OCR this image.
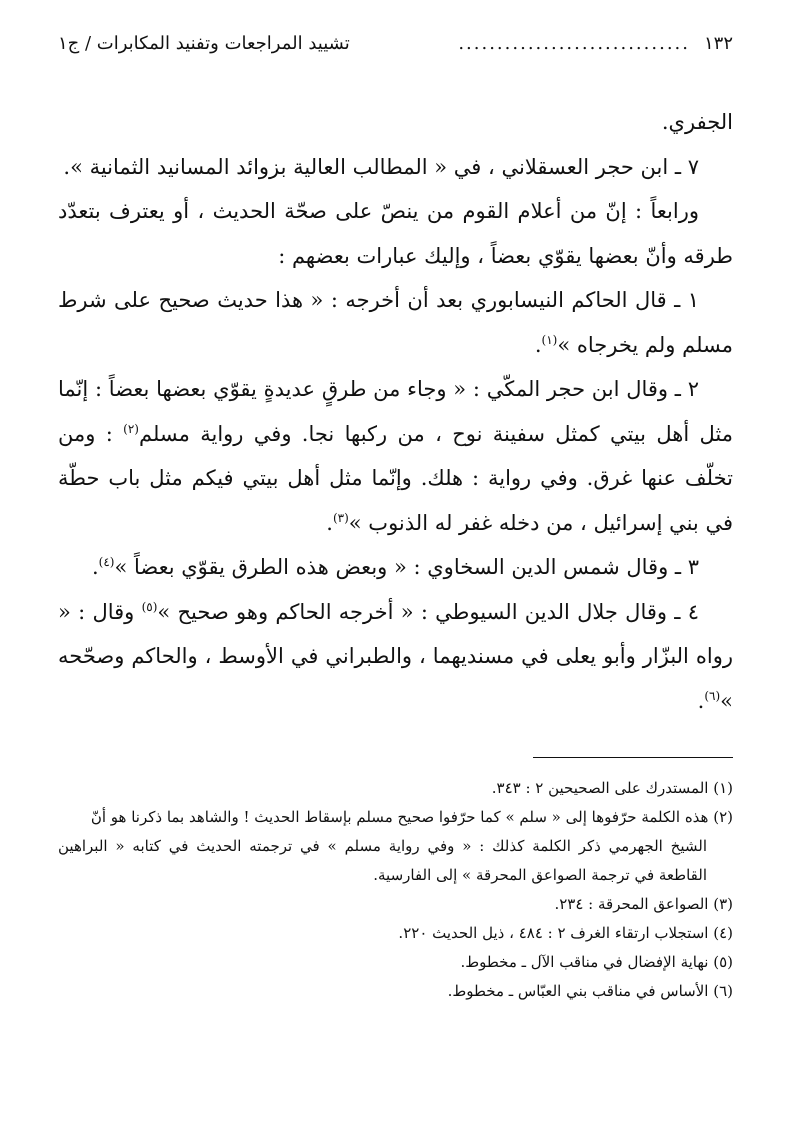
١٣٢
..............................
تشييد المراجعات وتفنيد المكابرات / ج١

الجفري.

٧ ـ ابن حجر العسقلاني ، في « المطالب العالية بزوائد المسانيد الثمانية ».

ورابعاً : إنّ من أعلام القوم من ينصّ على صحّة الحديث ، أو يعترف بتعدّد طرقه وأنّ بعضها يقوّي بعضاً ، وإليك عبارات بعضهم :

١ ـ قال الحاكم النيسابوري بعد أن أخرجه : « هذا حديث صحيح على شرط مسلم ولم يخرجاه »$^{(١)}$.

٢ ـ وقال ابن حجر المكّي : « وجاء من طرقٍ عديدةٍ يقوّي بعضها بعضاً : إنّما مثل أهل بيتي كمثل سفينة نوح ، من ركبها نجا. وفي رواية مسلم$^{(٢)}$ : ومن تخلّف عنها غرق. وفي رواية : هلك. وإنّما مثل أهل بيتي فيكم مثل باب حطّة في بني إسرائيل ، من دخله غفر له الذنوب »$^{(٣)}$.

٣ ـ وقال شمس الدين السخاوي : « وبعض هذه الطرق يقوّي بعضاً »$^{(٤)}$.

٤ ـ وقال جلال الدين السيوطي : « أخرجه الحاكم وهو صحيح »$^{(٥)}$ وقال : « رواه البزّار وأبو يعلى في مسنديهما ، والطبراني في الأوسط ، والحاكم وصحّحه »$^{(٦)}$.

(١) المستدرك على الصحيحين ٢ : ٣٤٣.

(٢) هذه الكلمة حرّفوها إلى « سلم » كما حرّفوا صحيح مسلم بإسقاط الحديث ! والشاهد بما ذكرنا هو أنّ

الشيخ الجهرمي ذكر الكلمة كذلك : « وفي رواية مسلم » في ترجمته الحديث في كتابه « البراهين القاطعة في ترجمة الصواعق المحرقة » إلى الفارسية.

(٣) الصواعق المحرقة : ٢٣٤.

(٤) استجلاب ارتقاء الغرف ٢ : ٤٨٤ ، ذيل الحديث ٢٢٠.

(٥) نهاية الإفضال في مناقب الآل ـ مخطوط.

(٦) الأساس في مناقب بني العبّاس ـ مخطوط.
